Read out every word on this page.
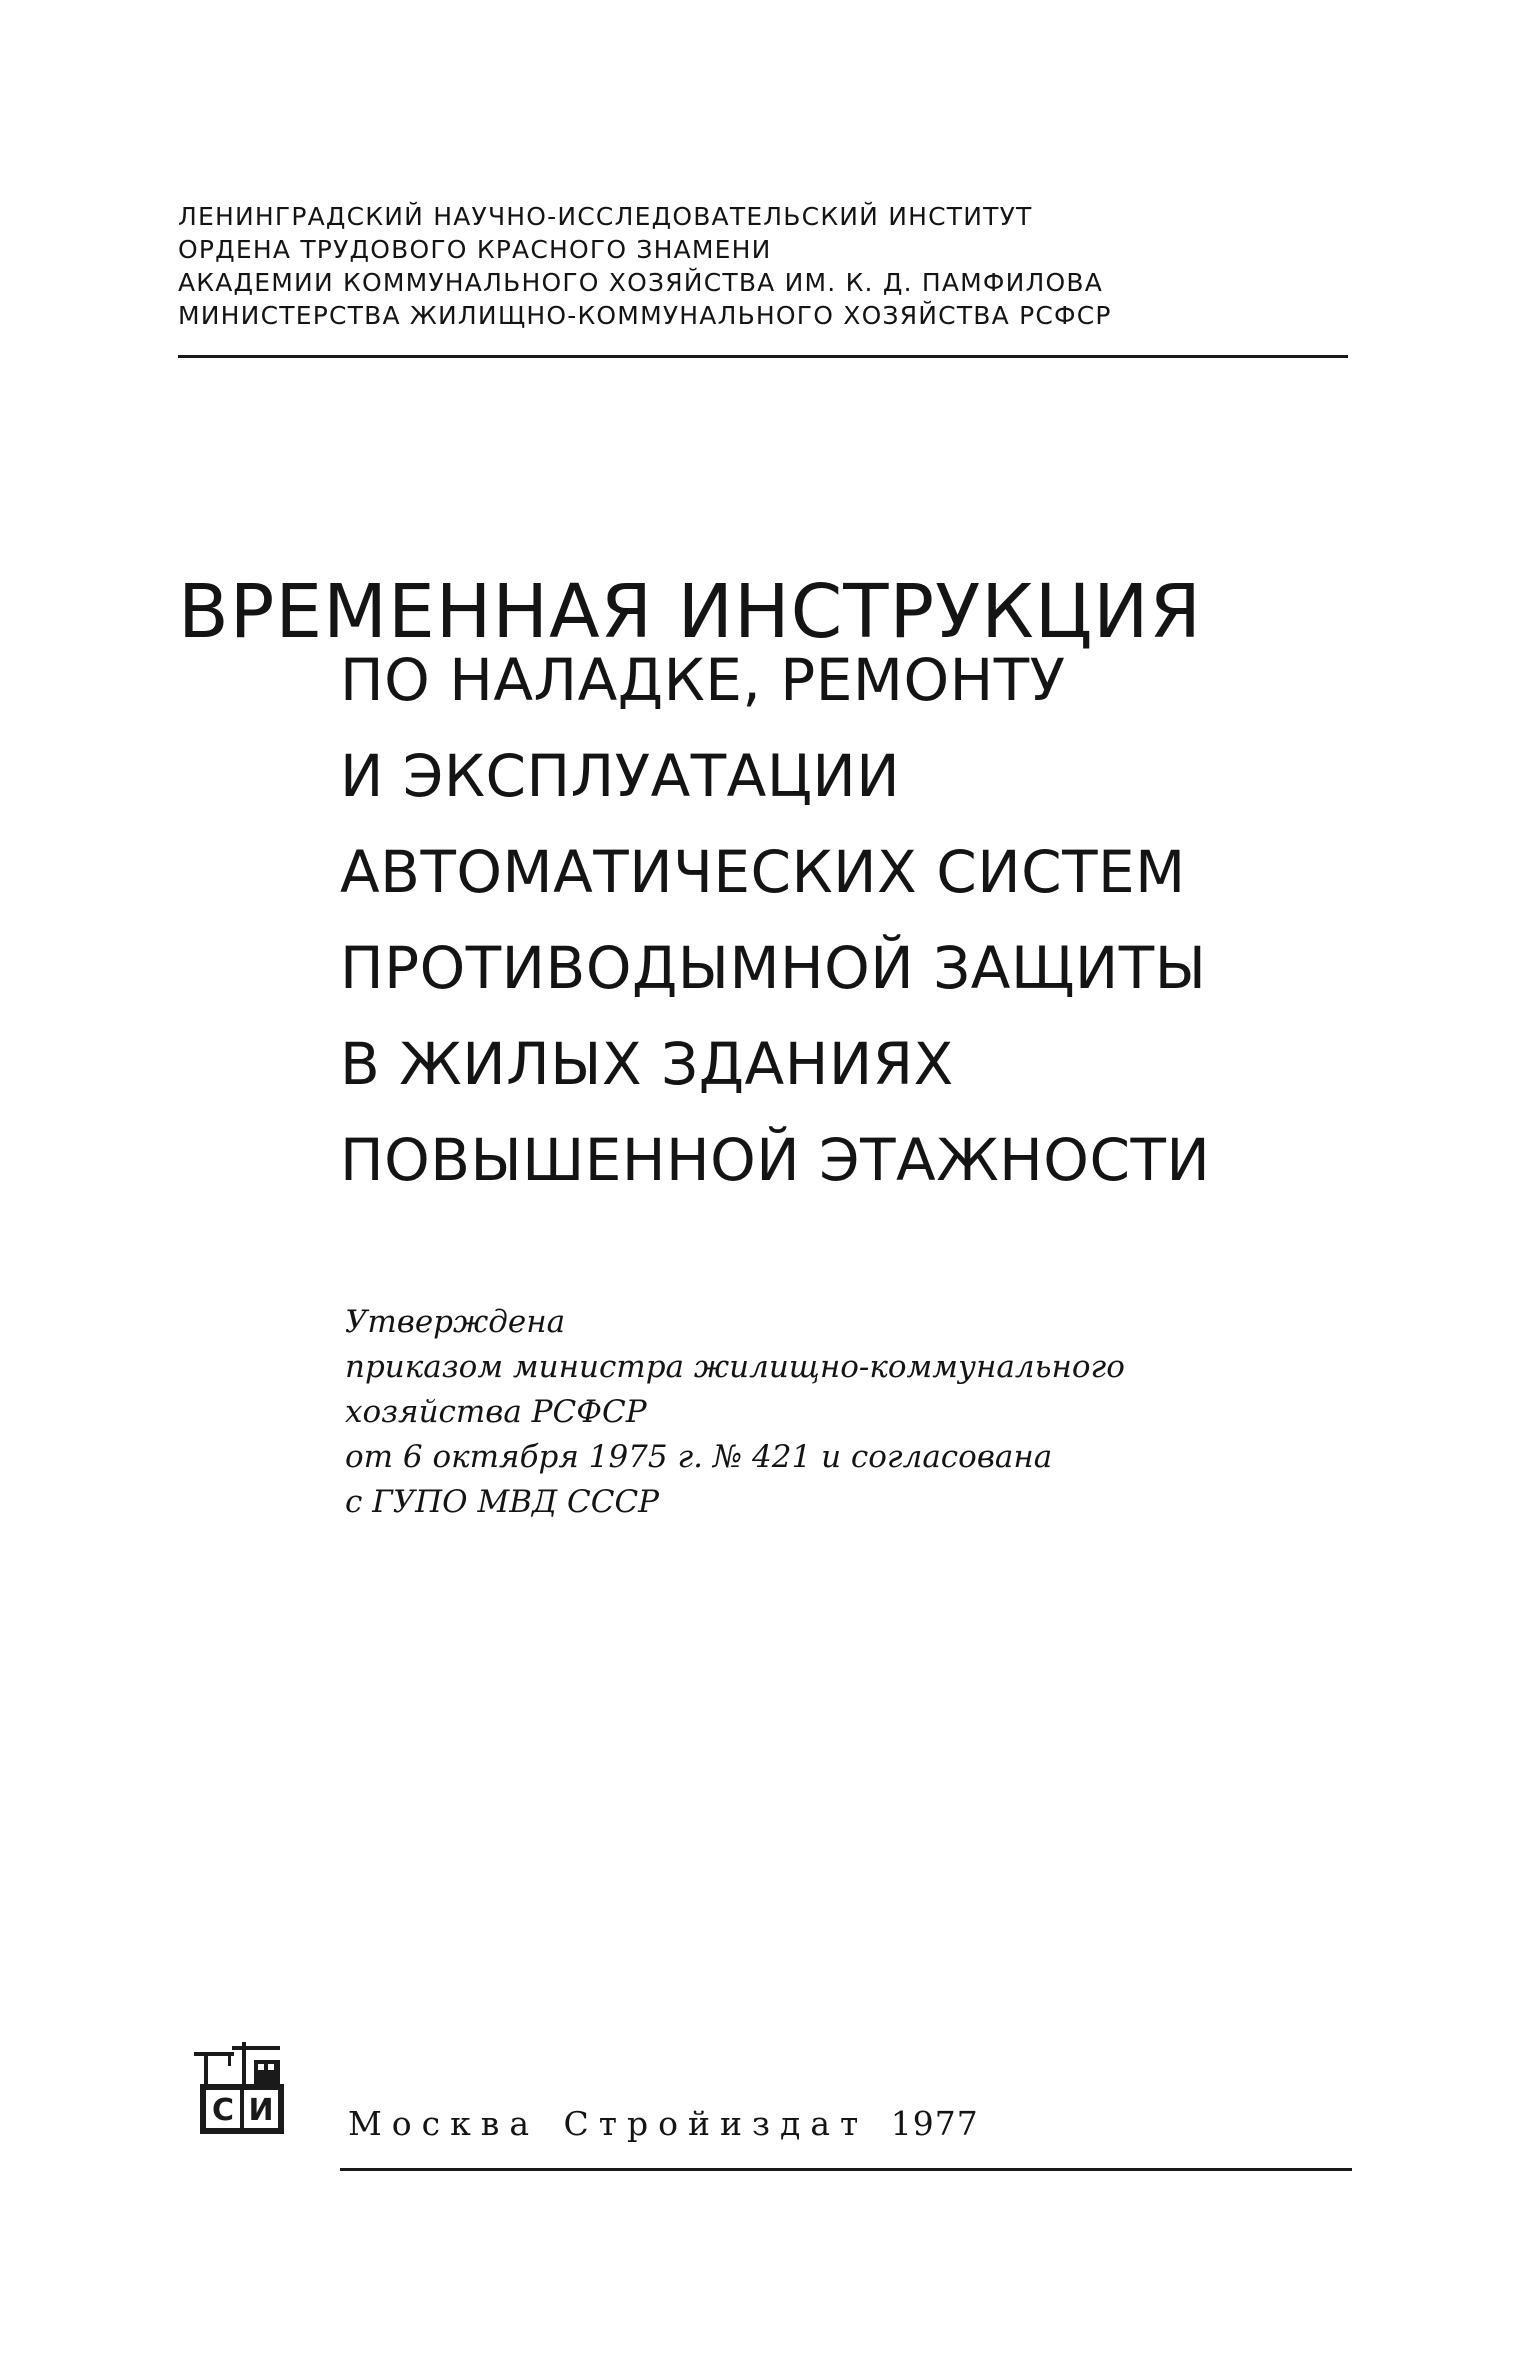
ЛЕНИНГРАДСКИЙ НАУЧНО-ИССЛЕДОВАТЕЛЬСКИЙ ИНСТИТУТ
ОРДЕНА ТРУДОВОГО КРАСНОГО ЗНАМЕНИ
АКАДЕМИИ КОММУНАЛЬНОГО ХОЗЯЙСТВА ИМ. К. Д. ПАМФИЛОВА
МИНИСТЕРСТВА ЖИЛИЩНО-КОММУНАЛЬНОГО ХОЗЯЙСТВА РСФСР
ВРЕМЕННАЯ ИНСТРУКЦИЯ
ПО НАЛАДКЕ, РЕМОНТУ
И ЭКСПЛУАТАЦИИ
АВТОМАТИЧЕСКИХ СИСТЕМ
ПРОТИВОДЫМНОЙ ЗАЩИТЫ
В ЖИЛЫХ ЗДАНИЯХ
ПОВЫШЕННОЙ ЭТАЖНОСТИ
Утверждена
приказом министра жилищно-коммунального
хозяйства РСФСР
от 6 октября 1975 г. № 421 и согласована
с ГУПО МВД СССР
С И Москва Стройиздат 1977
